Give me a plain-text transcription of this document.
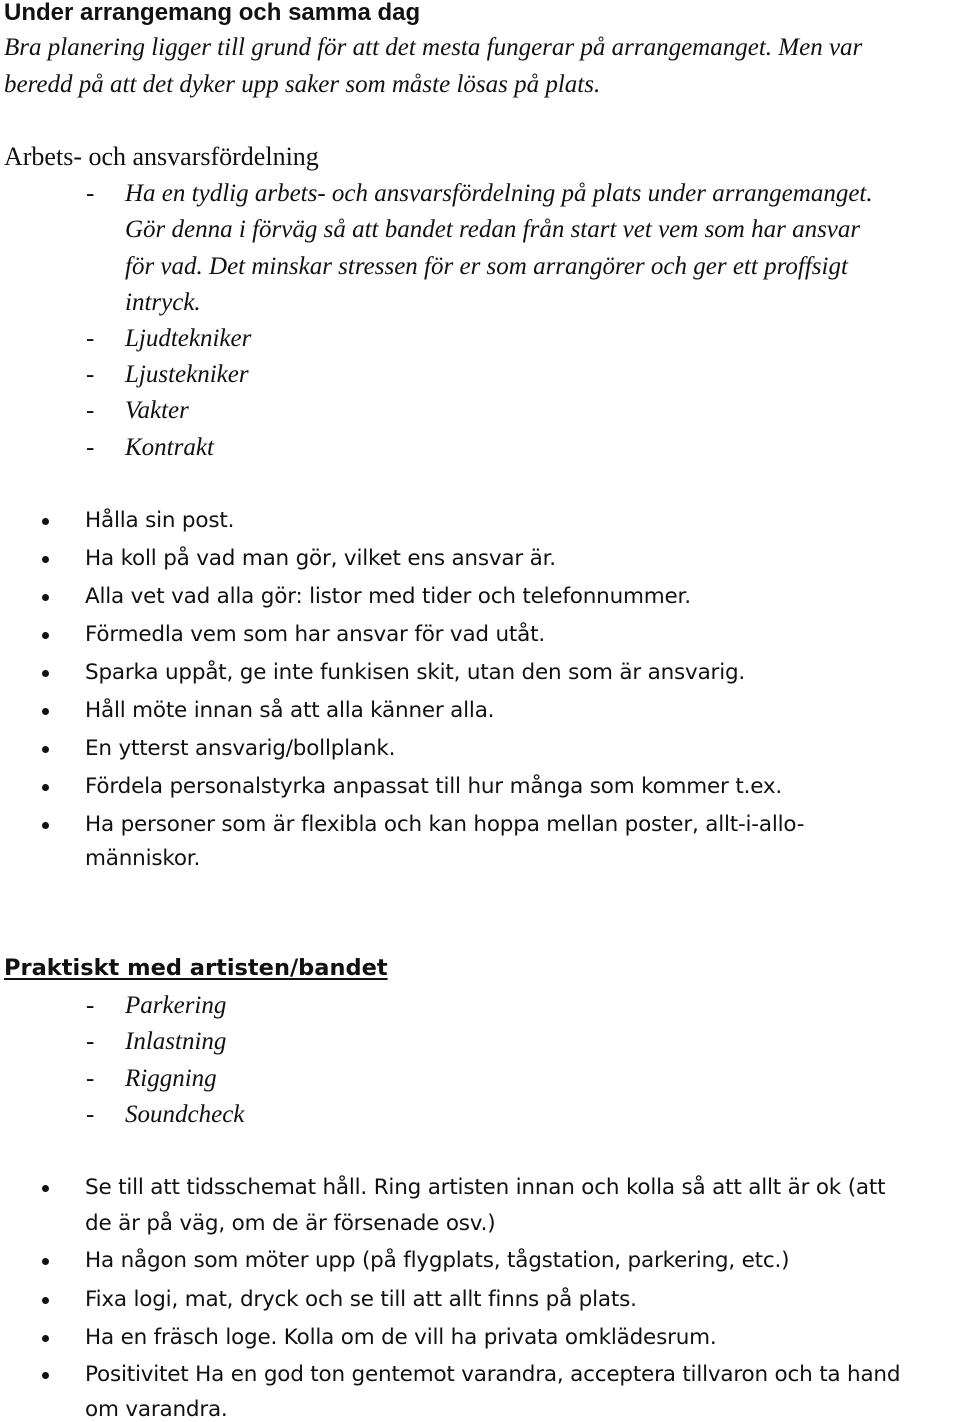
Under arrangemang och samma dag
Bra planering ligger till grund för att det mesta fungerar på arrangemanget. Men var
beredd på att det dyker upp saker som måste lösas på plats.
Arbets- och ansvarsfördelning
- Ha en tydlig arbets- och ansvarsfördelning på plats under arrangemanget.
Gör denna i förväg så att bandet redan från start vet vem som har ansvar
för vad. Det minskar stressen för er som arrangörer och ger ett proffsigt
intryck.
- Ljudtekniker
- Ljustekniker
- Vakter
- Kontrakt
Hålla sin post.
Ha koll på vad man gör, vilket ens ansvar är.
Alla vet vad alla gör: listor med tider och telefonnummer.
Förmedla vem som har ansvar för vad utåt.
Sparka uppåt, ge inte funkisen skit, utan den som är ansvarig.
Håll möte innan så att alla känner alla.
En ytterst ansvarig/bollplank.
Fördela personalstyrka anpassat till hur många som kommer t.ex.
Ha personer som är flexibla och kan hoppa mellan poster, allt-i-allo-
människor.
Praktiskt med artisten/bandet
- Parkering
- Inlastning
- Riggning
- Soundcheck
Se till att tidsschemat håll. Ring artisten innan och kolla så att allt är ok (att
de är på väg, om de är försenade osv.)
Ha någon som möter upp (på flygplats, tågstation, parkering, etc.)
Fixa logi, mat, dryck och se till att allt finns på plats.
Ha en fräsch loge. Kolla om de vill ha privata omklädesrum.
Positivitet Ha en god ton gentemot varandra, acceptera tillvaron och ta hand
om varandra.
